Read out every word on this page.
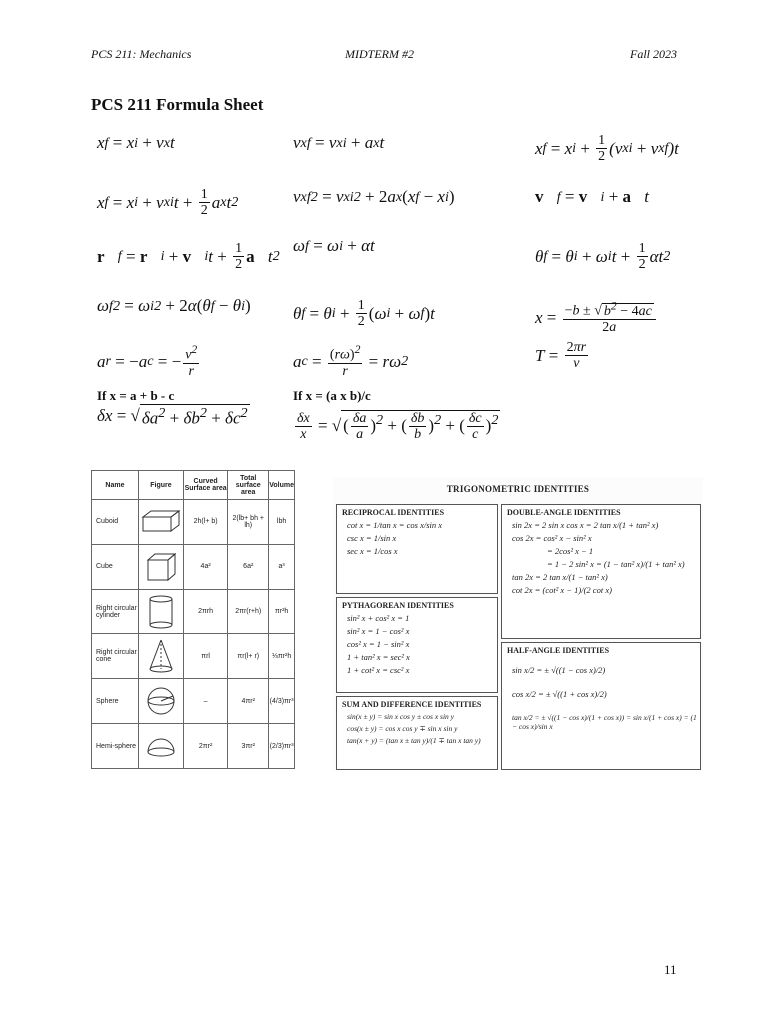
PCS 211: Mechanics	MIDTERM #2	Fall 2023
PCS 211 Formula Sheet
x f
= x i
+ v x t	v xf
= v xi
+ a x t	x f
= x i
+
$\frac{1}{2} (v$ xi
+ v xf )t
x f
= x i
+ v xi t +
$\frac{1}{2}$ a x t 2	v xf 2
= v xi 2
+ 2 a x ( x f
− x i )	v⃗ f
=
v⃗ i
+
a⃗ t
r⃗ f
=
r⃗ i
+
v⃗ i t +
$\frac{1}{2}$ a⃗ t 2
ω f
= ω i
+ αt
θ f
= θ i
+ ω i t +
$\frac{1}{2}$ αt 2
ω f 2
= ω i 2
+ 2 α ( θ f
− θ i ) θ f
= θ i
+
$\frac{1}{2}$ ( ω i
+ ω f ) t	x =
$\frac{-b \pm √ b^2 - 4ac}{2a}$
a r
=
− a c
=
− $\frac{v^2}{r}$	a c
=
$\frac{(r\omega)^2}{r}$
= rω 2	T =
$\frac{2\pi r}{v}$
If x = a + b - c	If x = (a x b)/c
δx =
√ $\delta a^2 + \delta b^2 + \delta c^2$	$\frac{\delta x}{x}$
=
√ ( $\frac{\delta a}{a} )^2$ + ( $\frac{\delta b}{b} )^2$ + ( $\frac{\delta c}{c} )^2$
Name	Figure	Curved Surface area	Total surface area	Volume
Cuboid		2h(l+ b)	2(lb+ bh + lh)	lbh
Cube		4a²	6a²	a³
Right circular cylinder		2πrh	2πr(r+h)	πr²h
Right circular cone		πrl	πr(l+ r)	⅓πr²h
Sphere		–	4πr²	(4/3)πr³
Hemi-sphere		2πr²	3πr²	(2/3)πr³
TRIGONOMETRIC IDENTITIES
RECIPROCAL IDENTITIES
cot x = 1/tan x = cos x/sin x
csc x = 1/sin x
sec x = 1/cos x
PYTHAGOREAN IDENTITIES
sin² x + cos² x = 1
sin² x = 1 − cos² x
cos² x = 1 − sin² x
1 + tan² x = sec² x
1 + cot² x = csc² x
SUM AND DIFFERENCE IDENTITIES
sin(x ± y) = sin x cos y ± cos x sin y
cos(x ± y) = cos x cos y ∓ sin x sin y
tan(x + y) = (tan x ± tan y)/(1 ∓ tan x tan y)
DOUBLE-ANGLE IDENTITIES
sin 2x = 2 sin x cos x = 2 tan x/(1 + tan² x)
cos 2x = cos² x − sin² x
= 2cos² x − 1
= 1 − 2 sin² x = (1 − tan² x)/(1 + tan² x)
tan 2x = 2 tan x/(1 − tan² x)
cot 2x = (cot² x − 1)/(2 cot x)
HALF-ANGLE IDENTITIES
sin x/2 = ± √((1 − cos x)/2)
cos x/2 = ± √((1 + cos x)/2)
tan x/2 = ± √((1 − cos x)/(1 + cos x)) = sin x/(1 + cos x) = (1 − cos x)/sin x
11
